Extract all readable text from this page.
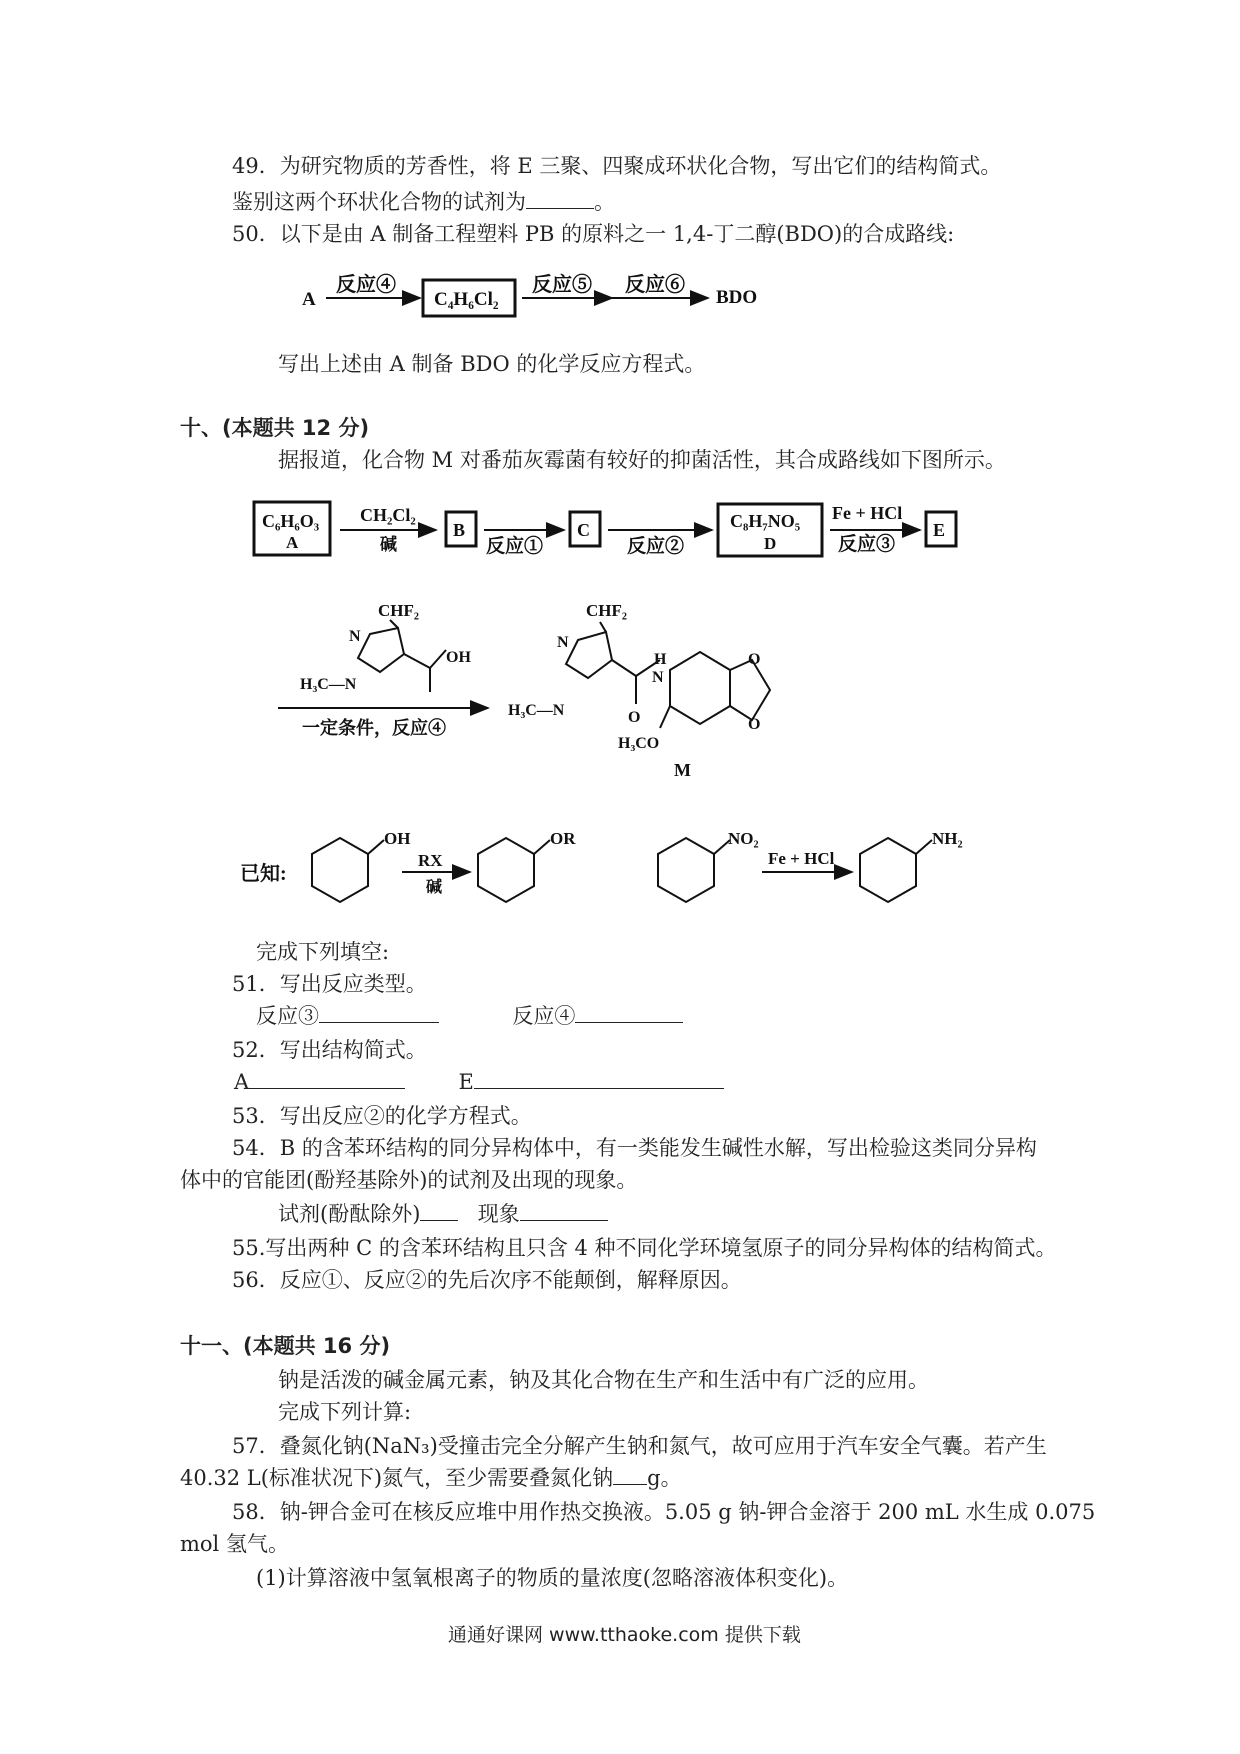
49．为研究物质的芳香性，将 E 三聚、四聚成环状化合物，写出它们的结构简式。
鉴别这两个环状化合物的试剂为	。
50．以下是由 A 制备工程塑料 PB 的原料之一 1,4-丁二醇(BDO)的合成路线:
A
反应④
C₄H₆Cl₂
反应⑤ 反应⑥
BDO
写出上述由 A 制备 BDO 的化学反应方程式。
十、(本题共 12 分)
据报道，化合物 M 对番茄灰霉菌有较好的抑菌活性，其合成路线如下图所示。
C₆H₆O₃
A
CH₂Cl₂
碱
B
反应①
C
反应②
C₈H₇NO₅
D
Fe + HCl
反应③
E
CHF₂
N
H₃C—N
OH
一定条件，反应④
CHF₂
N
H₃C—N	O
N
H	O
O
H₃CO
M
已知:
OH
RX
碱
OR	NO₂
Fe + HCl
NH₂
完成下列填空:
51．写出反应类型。
反应③	反应④
52．写出结构简式。
A	E
53．写出反应②的化学方程式。
54．B 的含苯环结构的同分异构体中，有一类能发生碱性水解，写出检验这类同分异构
体中的官能团(酚羟基除外)的试剂及出现的现象。
试剂(酚酞除外)	现象
55.写出两种 C 的含苯环结构且只含 4 种不同化学环境氢原子的同分异构体的结构简式。
56．反应①、反应②的先后次序不能颠倒，解释原因。
十一、(本题共 16 分)
钠是活泼的碱金属元素，钠及其化合物在生产和生活中有广泛的应用。
完成下列计算:
57．叠氮化钠(NaN₃)受撞击完全分解产生钠和氮气，故可应用于汽车安全气囊。若产生
40.32 L(标准状况下)氮气，至少需要叠氮化钠 g。
58．钠-钾合金可在核反应堆中用作热交换液。5.05 g 钠-钾合金溶于 200 mL 水生成 0.075
mol 氢气。
(1)计算溶液中氢氧根离子的物质的量浓度(忽略溶液体积变化)。
通通好课网 www.tthaoke.com 提供下载
